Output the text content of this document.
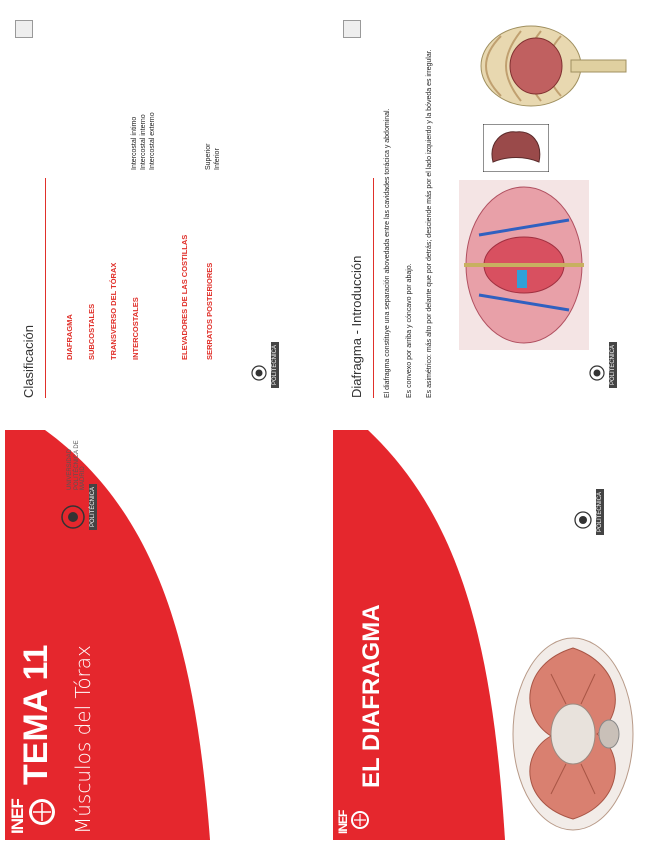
INEF
TEMA 11 Músculos del Tórax
POLITÉCNICA
UNIVERSIDAD POLITÉCNICA DE MADRID
INEF
EL DIAFRAGMA
POLITÉCNICA
Clasificación	DIAFRAGMA SUBCOSTALES TRANSVERSO DEL TÓRAX INTERCOSTALES	ELEVADORES DE LAS COSTILLAS SERRATOS POSTERIORES
Intercostal íntimo Intercostal interno Intercostal externo	Superior Inferior
POLITÉCNICA	Diafragma - Introducción	El diafragma constituye una separación abovedada entre las cavidades torácica y abdominal. Es convexo por arriba y cóncavo por abajo. Es asimétrico: más alto por delante que por detrás; desciende más por el lado izquierdo y la bóveda es irregular.	POLITÉCNICA
